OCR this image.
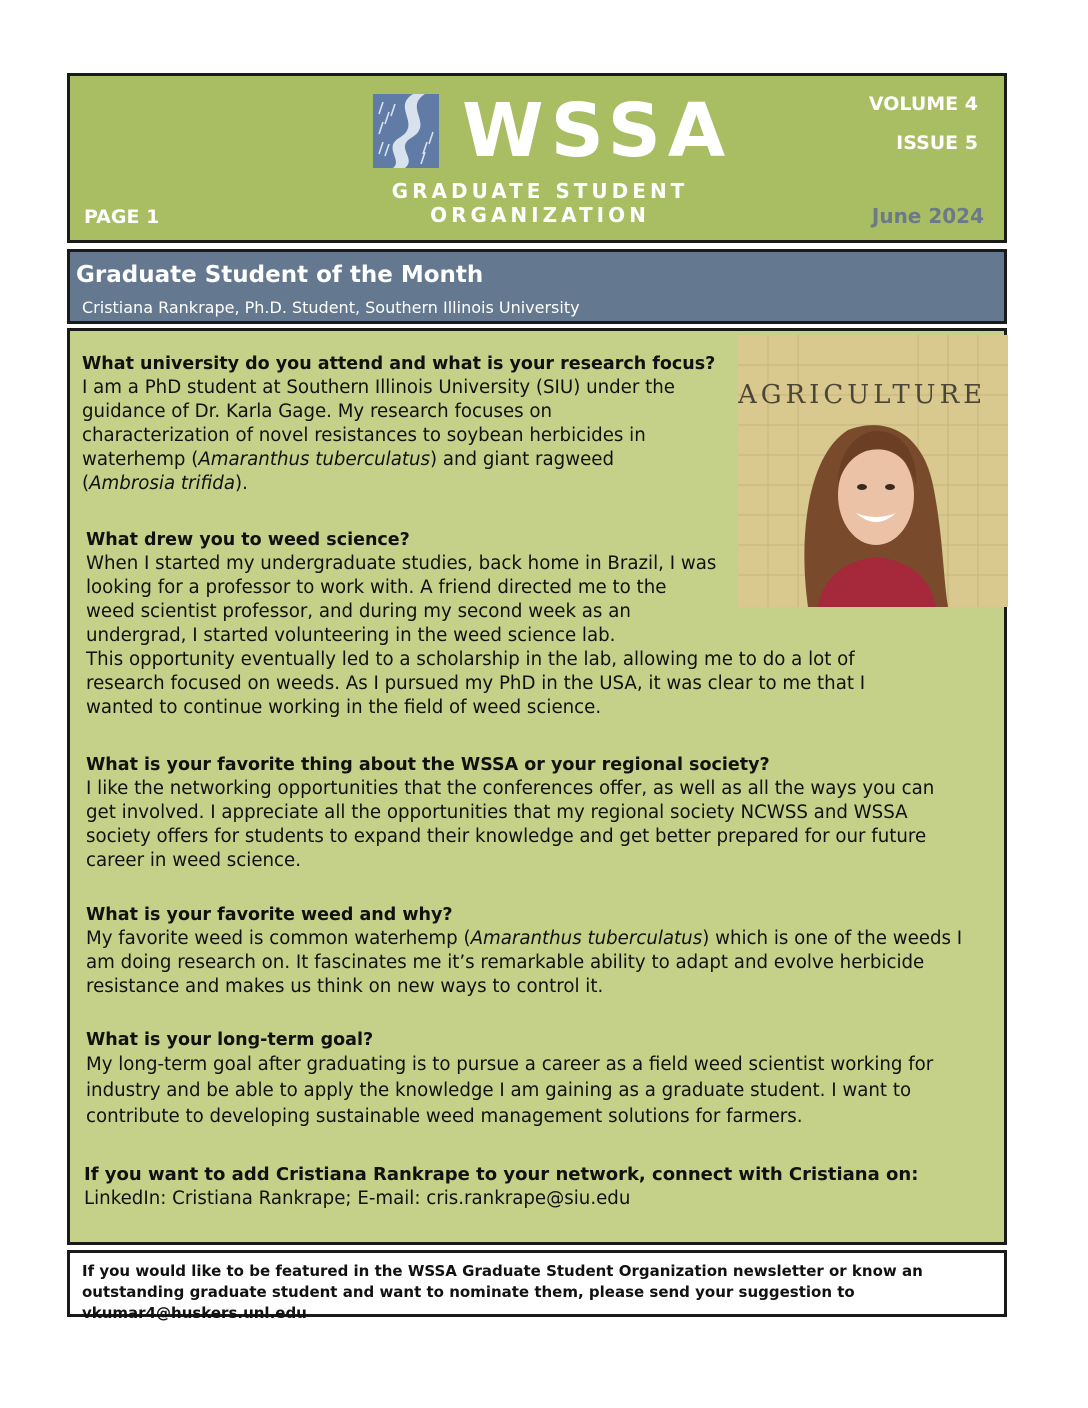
WSSA
GRADUATE STUDENT
ORGANIZATION
PAGE 1
VOLUME 4
ISSUE 5
June 2024
Graduate Student of the Month
Cristiana Rankrape, Ph.D. Student, Southern Illinois University
AGRICULTURE
What university do you attend and what is your research focus?
I am a PhD student at Southern Illinois University (SIU) under the
guidance of Dr. Karla Gage. My research focuses on
characterization of novel resistances to soybean herbicides in
waterhemp (Amaranthus tuberculatus) and giant ragweed
(Ambrosia trifida).
What drew you to weed science?
When I started my undergraduate studies, back home in Brazil, I was
looking for a professor to work with. A friend directed me to the
weed scientist professor, and during my second week as an
undergrad, I started volunteering in the weed science lab.
This opportunity eventually led to a scholarship in the lab, allowing me to do a lot of
research focused on weeds. As I pursued my PhD in the USA, it was clear to me that I
wanted to continue working in the field of weed science.
What is your favorite thing about the WSSA or your regional society?
I like the networking opportunities that the conferences offer, as well as all the ways you can
get involved. I appreciate all the opportunities that my regional society NCWSS and WSSA
society offers for students to expand their knowledge and get better prepared for our future
career in weed science.
What is your favorite weed and why?
My favorite weed is common waterhemp (Amaranthus tuberculatus) which is one of the weeds I
am doing research on. It fascinates me it’s remarkable ability to adapt and evolve herbicide
resistance and makes us think on new ways to control it.
What is your long-term goal?
My long-term goal after graduating is to pursue a career as a field weed scientist working for
industry and be able to apply the knowledge I am gaining as a graduate student. I want to
contribute to developing sustainable weed management solutions for farmers.
If you want to add Cristiana Rankrape to your network, connect with Cristiana on:
LinkedIn: Cristiana Rankrape; E-mail: cris.rankrape@siu.edu
If you would like to be featured in the WSSA Graduate Student Organization newsletter or know an outstanding graduate student and want to nominate them, please send your suggestion to vkumar4@huskers.unl.edu
